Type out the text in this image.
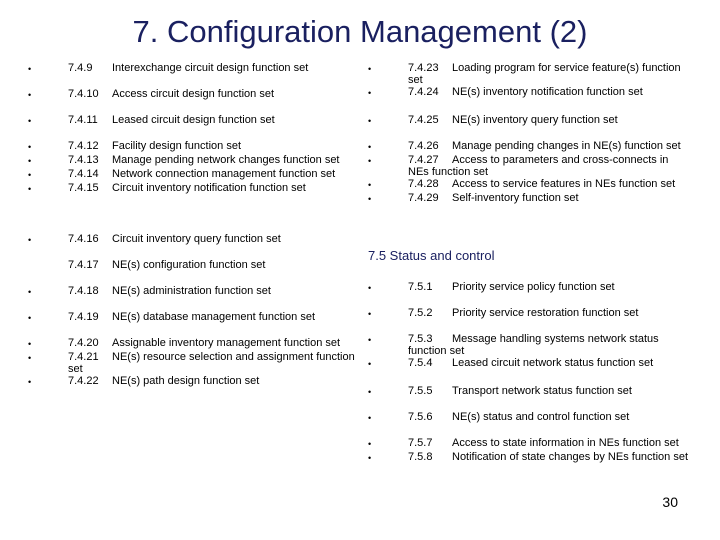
7. Configuration Management (2)
•	7.4.9 Interexchange circuit design function set
•	7.4.10 Access circuit design function set
•	7.4.11 Leased circuit design function set
•	7.4.12 Facility design function set
•	7.4.13 Manage pending network changes function set
•	7.4.14 Network connection management function set
•	7.4.15 Circuit inventory notification function set
•	7.4.16 Circuit inventory query function set
7.4.17 NE(s) configuration function set
•	7.4.18 NE(s) administration function set
•	7.4.19 NE(s) database management function set
•	7.4.20 Assignable inventory management function set
•	7.4.21 NE(s) resource selection and assignment function set
•	7.4.22 NE(s) path design function set
•	7.4.23 Loading program for service feature(s) function set
•	7.4.24 NE(s) inventory notification function set
•	7.4.25 NE(s) inventory query function set
•	7.4.26 Manage pending changes in NE(s) function set
•	7.4.27 Access to parameters and cross-connects in NEs function set
•	7.4.28 Access to service features in NEs function set
•	7.4.29 Self-inventory function set
7.5 Status and control
•	7.5.1 Priority service policy function set
•	7.5.2 Priority service restoration function set
•	7.5.3 Message handling systems network status function set
•	7.5.4 Leased circuit network status function set
•	7.5.5 Transport network status function set
•	7.5.6 NE(s) status and control function set
•	7.5.7 Access to state information in NEs function set
•	7.5.8 Notification of state changes by NEs function set
30
